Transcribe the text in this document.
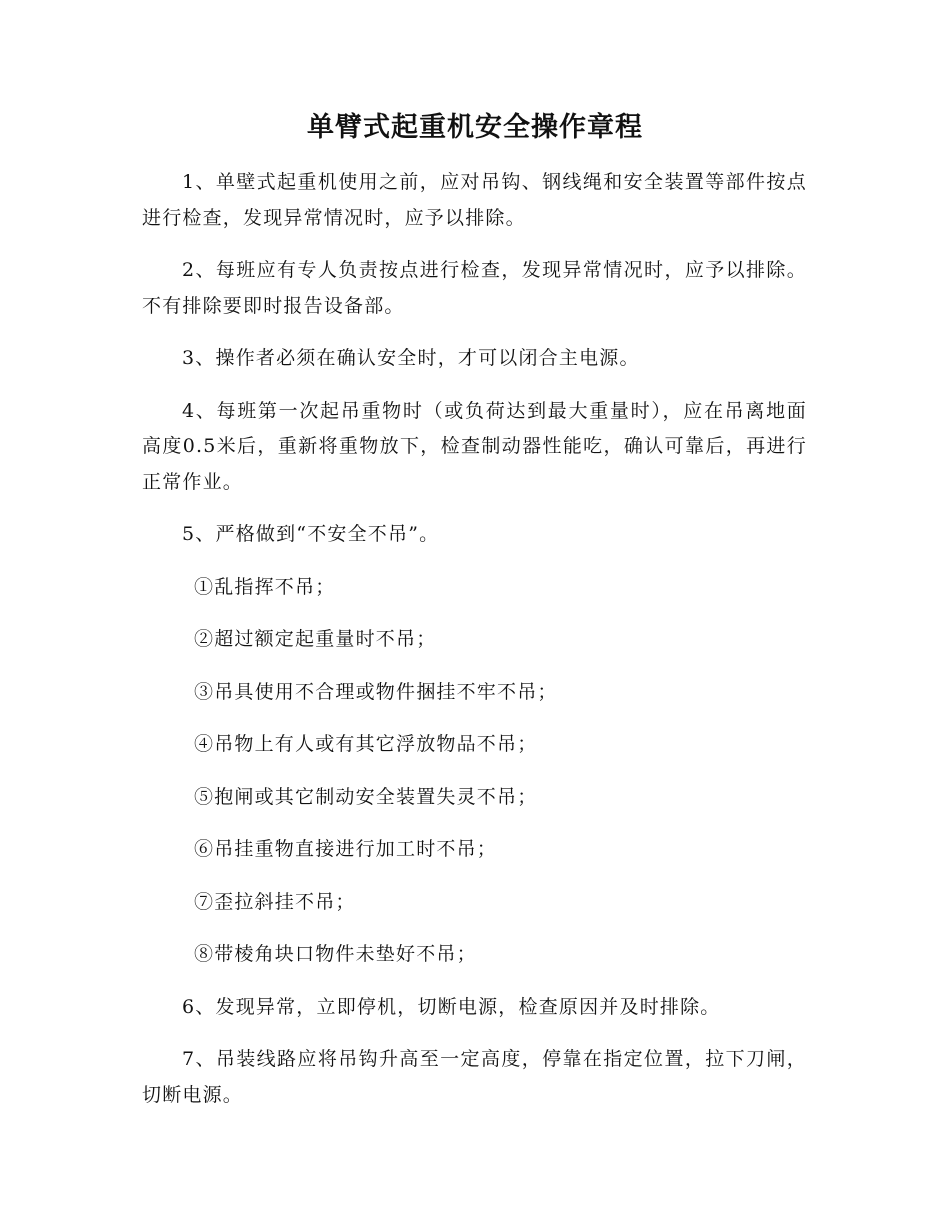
单臂式起重机安全操作章程

1、单壁式起重机使用之前，应对吊钩、钢线绳和安全装置等部件按点进行检查，发现异常情况时，应予以排除。

2、每班应有专人负责按点进行检查，发现异常情况时，应予以排除。不有排除要即时报告设备部。

3、操作者必须在确认安全时，才可以闭合主电源。

4、每班第一次起吊重物时（或负荷达到最大重量时），应在吊离地面高度0.5米后，重新将重物放下，检查制动器性能吃，确认可靠后，再进行正常作业。

5、严格做到“不安全不吊”。

①乱指挥不吊；

②超过额定起重量时不吊；

③吊具使用不合理或物件捆挂不牢不吊；

④吊物上有人或有其它浮放物品不吊；

⑤抱闸或其它制动安全装置失灵不吊；

⑥吊挂重物直接进行加工时不吊；

⑦歪拉斜挂不吊；

⑧带棱角块口物件未垫好不吊；

6、发现异常，立即停机，切断电源，检查原因并及时排除。

7、吊装线路应将吊钩升高至一定高度，停靠在指定位置，拉下刀闸，切断电源。
